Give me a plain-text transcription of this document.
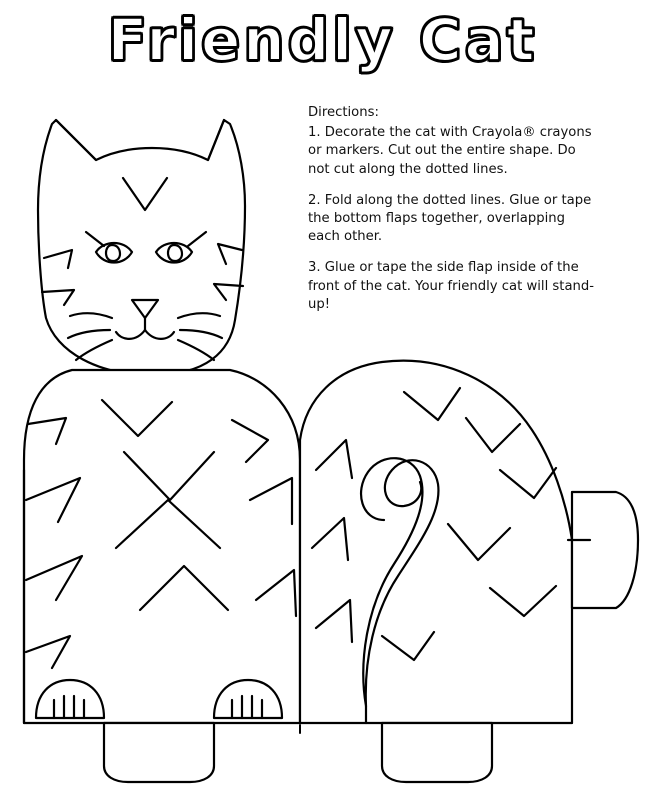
Friendly Cat

Directions:

1. Decorate the cat with Crayola® crayons or markers. Cut out the entire shape. Do not cut along the dotted lines.

2. Fold along the dotted lines. Glue or tape the bottom flaps together, overlapping each other.

3. Glue or tape the side flap inside of the front of the cat. Your friendly cat will stand-up!
